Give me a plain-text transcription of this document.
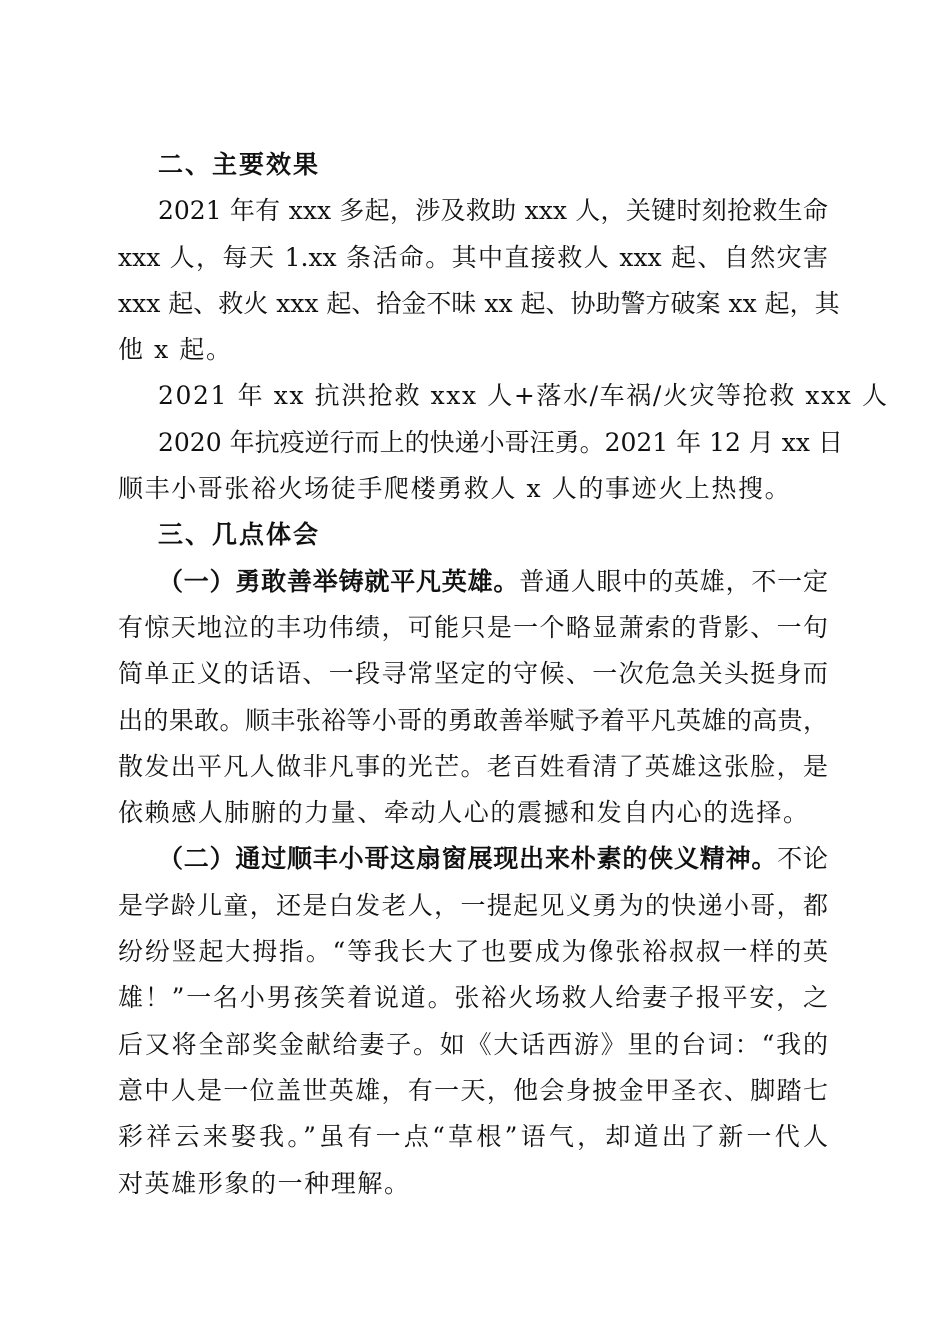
二、主要效果
2021 年有 xxx 多起，涉及救助 xxx 人，关键时刻抢救生命
xxx 人，每天 1.xx 条活命。其中直接救人 xxx 起、自然灾害
xxx 起、救火 xxx 起、拾金不昧 xx 起、协助警方破案 xx 起，其
他 x 起。
2021 年 xx 抗洪抢救 xxx 人+落水/车祸/火灾等抢救 xxx 人
2020 年抗疫逆行而上的快递小哥汪勇。2021 年 12 月 xx 日
顺丰小哥张裕火场徒手爬楼勇救人 x 人的事迹火上热搜。
三、几点体会
（一）勇敢善举铸就平凡英雄。普通人眼中的英雄，不一定
有惊天地泣的丰功伟绩，可能只是一个略显萧索的背影、一句
简单正义的话语、一段寻常坚定的守候、一次危急关头挺身而
出的果敢。顺丰张裕等小哥的勇敢善举赋予着平凡英雄的高贵，
散发出平凡人做非凡事的光芒。老百姓看清了英雄这张脸，是
依赖感人肺腑的力量、牵动人心的震撼和发自内心的选择。
（二）通过顺丰小哥这扇窗展现出来朴素的侠义精神。不论
是学龄儿童，还是白发老人，一提起见义勇为的快递小哥，都
纷纷竖起大拇指。“等我长大了也要成为像张裕叔叔一样的英
雄！”一名小男孩笑着说道。张裕火场救人给妻子报平安，之
后又将全部奖金献给妻子。如《大话西游》里的台词：“我的
意中人是一位盖世英雄，有一天，他会身披金甲圣衣、脚踏七
彩祥云来娶我。”虽有一点“草根”语气，却道出了新一代人
对英雄形象的一种理解。
